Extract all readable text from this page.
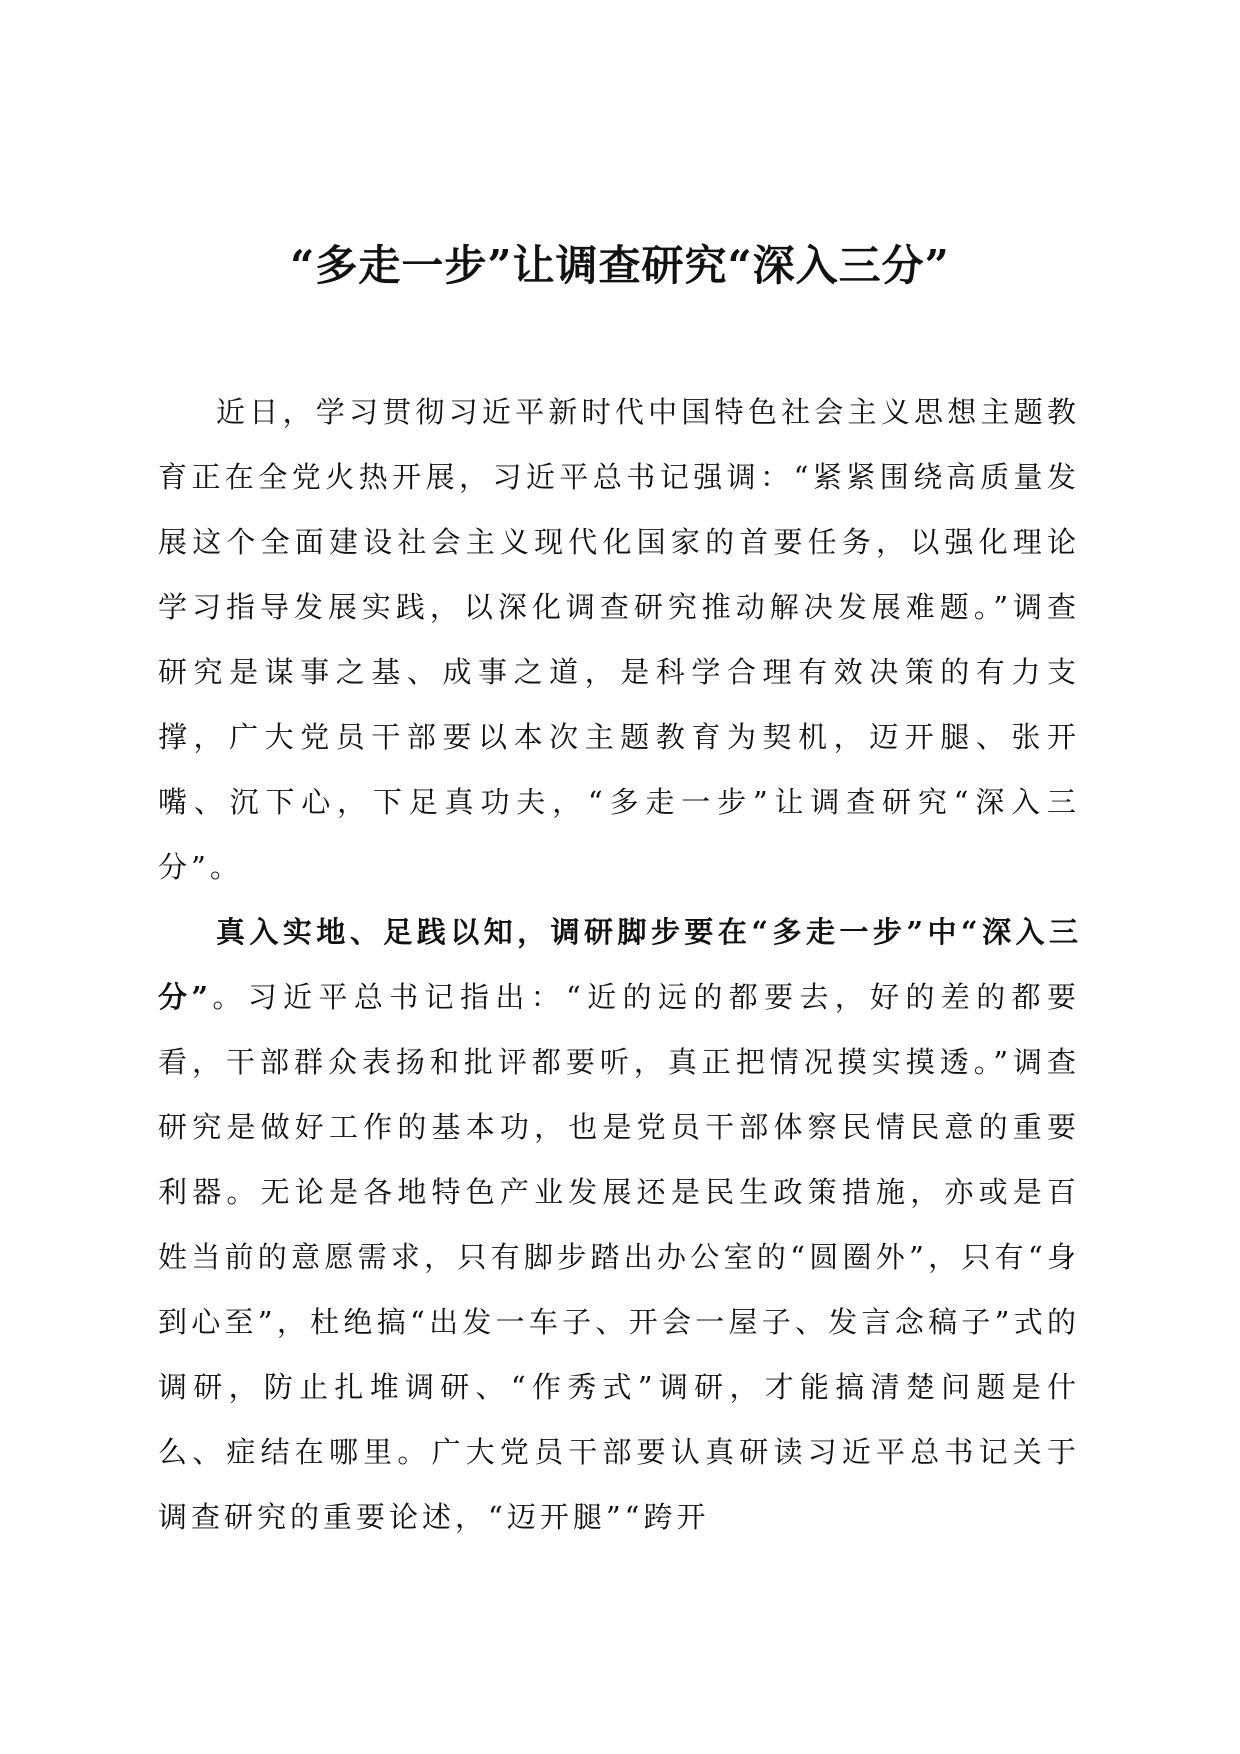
“多走一步”让调查研究“深入三分”

近日，学习贯彻习近平新时代中国特色社会主义思想主题教育正在全党火热开展，习近平总书记强调：“紧紧围绕高质量发展这个全面建设社会主义现代化国家的首要任务，以强化理论学习指导发展实践，以深化调查研究推动解决发展难题。”调查研究是谋事之基、成事之道，是科学合理有效决策的有力支撑，广大党员干部要以本次主题教育为契机，迈开腿、张开嘴、沉下心，下足真功夫，“多走一步”让调查研究“深入三分”。

真入实地、足践以知，调研脚步要在“多走一步”中“深入三分”。习近平总书记指出：“近的远的都要去，好的差的都要看，干部群众表扬和批评都要听，真正把情况摸实摸透。”调查研究是做好工作的基本功，也是党员干部体察民情民意的重要利器。无论是各地特色产业发展还是民生政策措施，亦或是百姓当前的意愿需求，只有脚步踏出办公室的“圆圈外”，只有“身到心至”，杜绝搞“出发一车子、开会一屋子、发言念稿子”式的调研，防止扎堆调研、“作秀式”调研，才能搞清楚问题是什么、症结在哪里。广大党员干部要认真研读习近平总书记关于调查研究的重要论述，“迈开腿”“跨开
